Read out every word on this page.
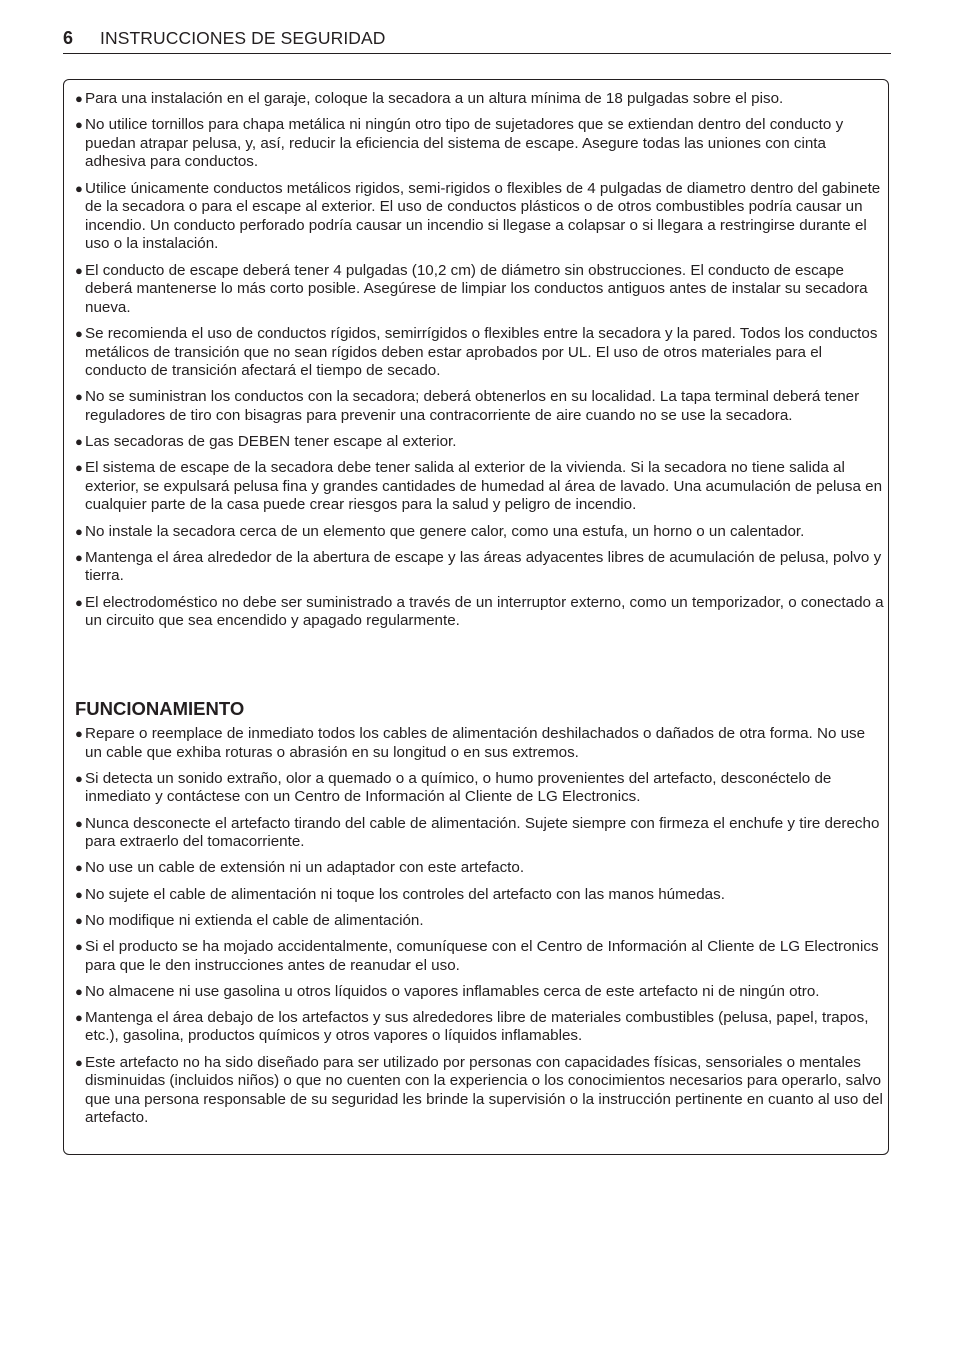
6 INSTRUCCIONES DE SEGURIDAD
● Para una instalación en el garaje, coloque la secadora a un altura mínima de 18 pulgadas sobre el piso.
● No utilice tornillos para chapa metálica ni ningún otro tipo de sujetadores que se extiendan dentro del conducto y puedan atrapar pelusa, y, así, reducir la eficiencia del sistema de escape. Asegure todas las uniones con cinta adhesiva para conductos.
● Utilice únicamente conductos metálicos rigidos, semi-rigidos o flexibles de 4 pulgadas de diametro dentro del gabinete de la secadora o para el escape al exterior. El uso de conductos plásticos o de otros combustibles podría causar un incendio. Un conducto perforado podría causar un incendio si llegase a colapsar o si llegara a restringirse durante el uso o la instalación.
● El conducto de escape deberá tener 4 pulgadas (10,2 cm) de diámetro sin obstrucciones. El conducto de escape deberá mantenerse lo más corto posible. Asegúrese de limpiar los conductos antiguos antes de instalar su secadora nueva.
● Se recomienda el uso de conductos rígidos, semirrígidos o flexibles entre la secadora y la pared. Todos los conductos metálicos de transición que no sean rígidos deben estar aprobados por UL. El uso de otros materiales para el conducto de transición afectará el tiempo de secado.
● No se suministran los conductos con la secadora; deberá obtenerlos en su localidad. La tapa terminal deberá tener reguladores de tiro con bisagras para prevenir una contracorriente de aire cuando no se use la secadora.
● Las secadoras de gas DEBEN tener escape al exterior.
● El sistema de escape de la secadora debe tener salida al exterior de la vivienda. Si la secadora no tiene salida al exterior, se expulsará pelusa fina y grandes cantidades de humedad al área de lavado. Una acumulación de pelusa en cualquier parte de la casa puede crear riesgos para la salud y peligro de incendio.
● No instale la secadora cerca de un elemento que genere calor, como una estufa, un horno o un calentador.
● Mantenga el área alrededor de la abertura de escape y las áreas adyacentes libres de acumulación de pelusa, polvo y tierra.
● El electrodoméstico no debe ser suministrado a través de un interruptor externo, como un temporizador, o conectado a un circuito que sea encendido y apagado regularmente.
FUNCIONAMIENTO
● Repare o reemplace de inmediato todos los cables de alimentación deshilachados o dañados de otra forma. No use un cable que exhiba roturas o abrasión en su longitud o en sus extremos.
● Si detecta un sonido extraño, olor a quemado o a químico, o humo provenientes del artefacto, desconéctelo de inmediato y contáctese con un Centro de Información al Cliente de LG Electronics.
● Nunca desconecte el artefacto tirando del cable de alimentación. Sujete siempre con firmeza el enchufe y tire derecho para extraerlo del tomacorriente.
● No use un cable de extensión ni un adaptador con este artefacto.
● No sujete el cable de alimentación ni toque los controles del artefacto con las manos húmedas.
● No modifique ni extienda el cable de alimentación.
● Si el producto se ha mojado accidentalmente, comuníquese con el Centro de Información al Cliente de LG Electronics para que le den instrucciones antes de reanudar el uso.
● No almacene ni use gasolina u otros líquidos o vapores inflamables cerca de este artefacto ni de ningún otro.
● Mantenga el área debajo de los artefactos y sus alrededores libre de materiales combustibles (pelusa, papel, trapos, etc.), gasolina, productos químicos y otros vapores o líquidos inflamables.
● Este artefacto no ha sido diseñado para ser utilizado por personas con capacidades físicas, sensoriales o mentales disminuidas (incluidos niños) o que no cuenten con la experiencia o los conocimientos necesarios para operarlo, salvo que una persona responsable de su seguridad les brinde la supervisión o la instrucción pertinente en cuanto al uso del artefacto.
